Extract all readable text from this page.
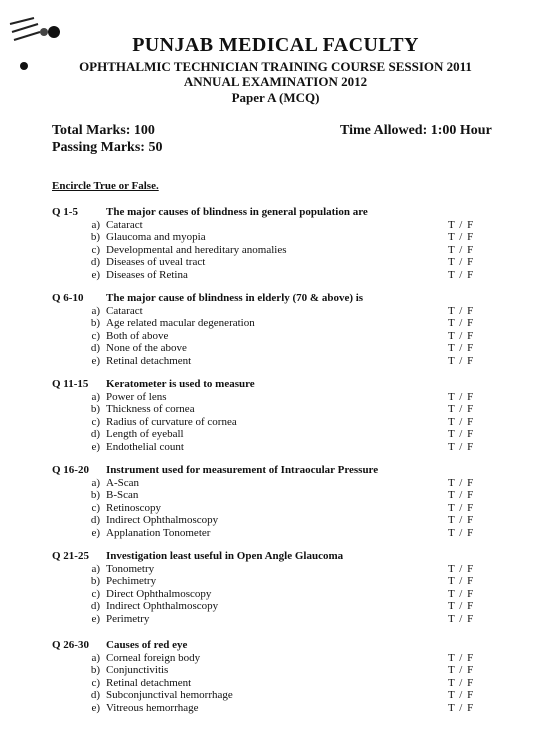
PUNJAB MEDICAL FACULTY
OPHTHALMIC TECHNICIAN TRAINING COURSE SESSION 2011
ANNUAL EXAMINATION 2012
Paper A (MCQ)
Total Marks: 100
Passing Marks: 50
Time Allowed: 1:00 Hour
Encircle True or False.
Q 1-5	The major causes of blindness in general population are
a) Cataract	T / F
b) Glaucoma and myopia	T / F
c) Developmental and hereditary anomalies	T / F
d) Diseases of uveal tract	T / F
e) Diseases of Retina	T / F
Q 6-10 The major cause of blindness in elderly (70 & above) is
a) Cataract	T / F
b) Age related macular degeneration	T / F
c) Both of above	T / F
d) None of the above	T / F
e) Retinal detachment	T / F
Q 11-15 Keratometer is used to measure
a) Power of lens	T / F
b) Thickness of cornea	T / F
c) Radius of curvature of cornea	T / F
d) Length of eyeball	T / F
e) Endothelial count	T / F
Q 16-20 Instrument used for measurement of Intraocular Pressure
a) A-Scan	T / F
b) B-Scan	T / F
c) Retinoscopy	T / F
d) Indirect Ophthalmoscopy	T / F
e) Applanation Tonometer	T / F
Q 21-25 Investigation least useful in Open Angle Glaucoma
a) Tonometry	T / F
b) Pechimetry	T / F
c) Direct Ophthalmoscopy	T / F
d) Indirect Ophthalmoscopy	T / F
e) Perimetry	T / F
Q 26-30 Causes of red eye
a) Corneal foreign body	T / F
b) Conjunctivitis	T / F
c) Retinal detachment	T / F
d) Subconjunctival hemorrhage	T / F
e) Vitreous hemorrhage	T / F
